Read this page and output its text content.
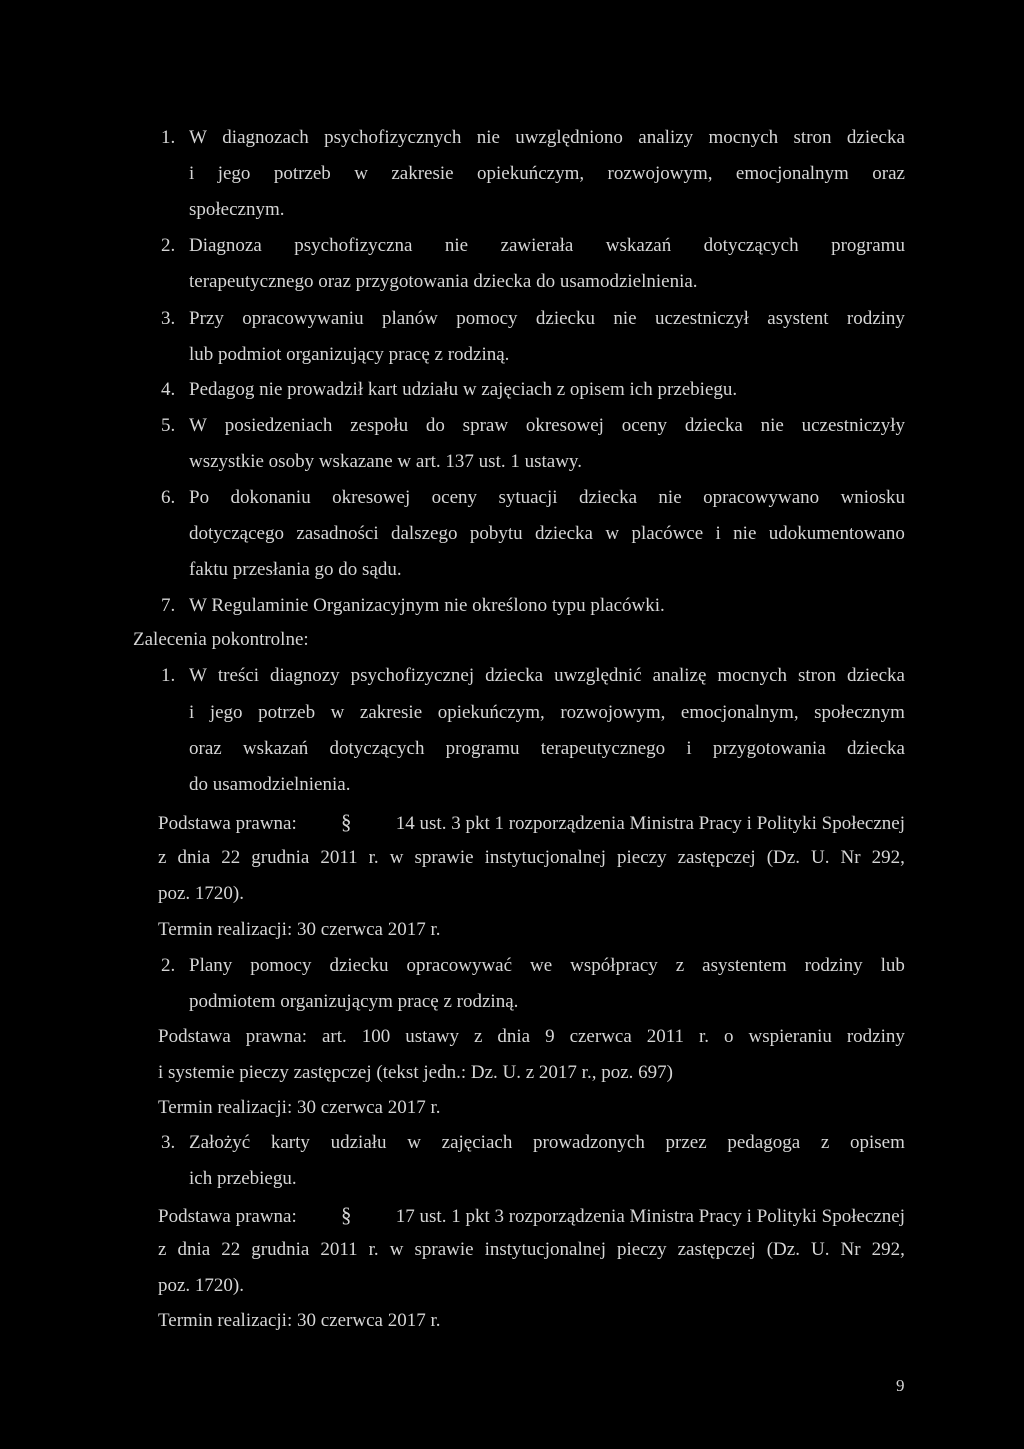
1. W diagnozach psychofizycznych nie uwzględniono analizy mocnych stron dziecka
i jego potrzeb w zakresie opiekuńczym, rozwojowym, emocjonalnym oraz
społecznym.
2. Diagnoza psychofizyczna nie zawierała wskazań dotyczących programu
terapeutycznego oraz przygotowania dziecka do usamodzielnienia.
3. Przy opracowywaniu planów pomocy dziecku nie uczestniczył asystent rodziny
lub podmiot organizujący pracę z rodziną.
4. Pedagog nie prowadził kart udziału w zajęciach z opisem ich przebiegu.
5. W posiedzeniach zespołu do spraw okresowej oceny dziecka nie uczestniczyły
wszystkie osoby wskazane w art. 137 ust. 1 ustawy.
6. Po dokonaniu okresowej oceny sytuacji dziecka nie opracowywano wniosku
dotyczącego zasadności dalszego pobytu dziecka w placówce i nie udokumentowano
faktu przesłania go do sądu.
7. W Regulaminie Organizacyjnym nie określono typu placówki.
Zalecenia pokontrolne:
1. W treści diagnozy psychofizycznej dziecka uwzględnić analizę mocnych stron dziecka
i jego potrzeb w zakresie opiekuńczym, rozwojowym, emocjonalnym, społecznym
oraz wskazań dotyczących programu terapeutycznego i przygotowania dziecka
do usamodzielnienia.
Podstawa prawna: § 14 ust. 3 pkt 1 rozporządzenia Ministra Pracy i Polityki Społecznej
z dnia 22 grudnia 2011 r. w sprawie instytucjonalnej pieczy zastępczej (Dz. U. Nr 292,
poz. 1720).
Termin realizacji: 30 czerwca 2017 r.
2. Plany pomocy dziecku opracowywać we współpracy z asystentem rodziny lub
podmiotem organizującym pracę z rodziną.
Podstawa prawna: art. 100 ustawy z dnia 9 czerwca 2011 r. o wspieraniu rodziny
i systemie pieczy zastępczej (tekst jedn.: Dz. U. z 2017 r., poz. 697)
Termin realizacji: 30 czerwca 2017 r.
3. Założyć karty udziału w zajęciach prowadzonych przez pedagoga z opisem
ich przebiegu.
Podstawa prawna: § 17 ust. 1 pkt 3 rozporządzenia Ministra Pracy i Polityki Społecznej
z dnia 22 grudnia 2011 r. w sprawie instytucjonalnej pieczy zastępczej (Dz. U. Nr 292,
poz. 1720).
Termin realizacji: 30 czerwca 2017 r.
9
